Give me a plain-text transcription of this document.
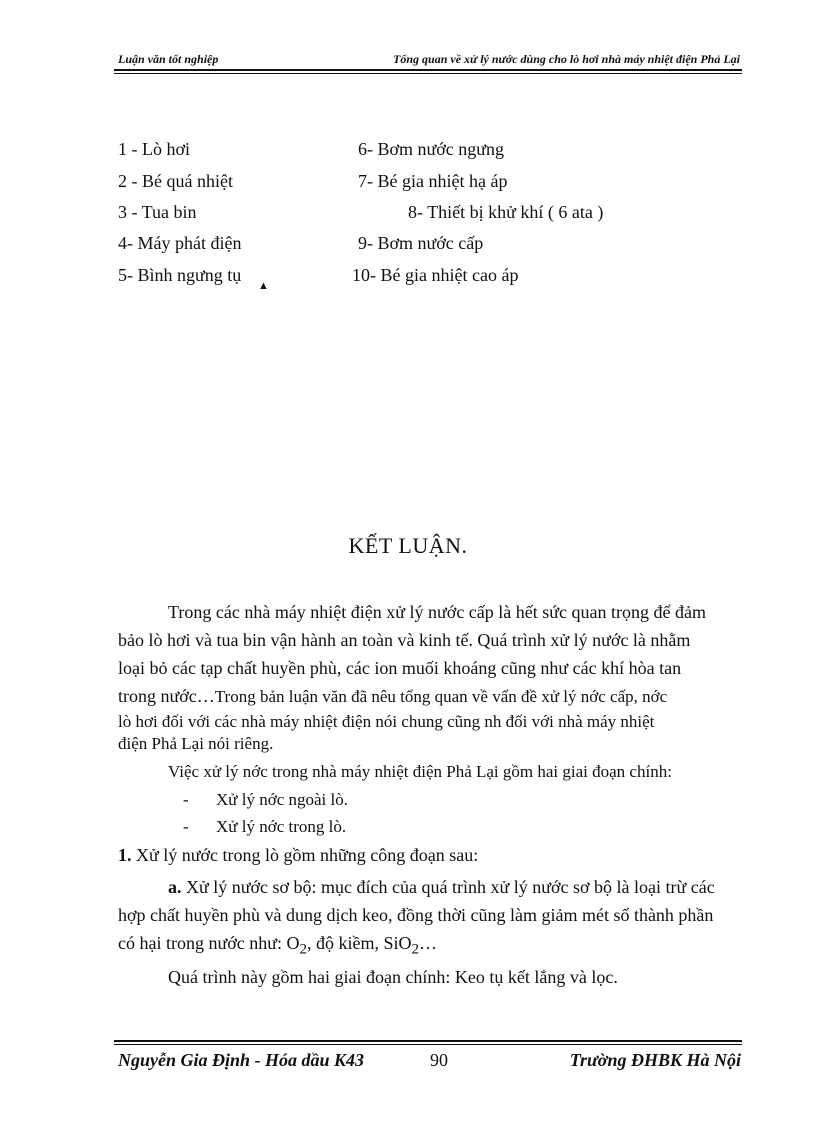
Luận văn tốt nghiệp	Tổng quan về xử lý nước dùng cho lò hơi nhà máy nhiệt điện Phả Lại
1 - Lò hơi
2 - Bé quá nhiệt
3 - Tua bin
4- Máy phát điện
5- Bình ngưng tụ
6- Bơm nước ngưng
7- Bé gia nhiệt hạ áp
8- Thiết bị khử khí ( 6 ata )
9- Bơm nước cấp
10- Bé gia nhiệt cao áp
▲
KẾT LUẬN.
Trong các nhà máy nhiệt điện xử lý nước cấp là hết sức quan trọng để đảm
bảo lò hơi và tua bin vận hành an toàn và kinh tế. Quá trình xử lý nước là nhằm
loại bỏ các tạp chất huyền phù, các ion muối khoáng cũng như các khí hòa tan
trong nước…Trong bản luận văn đã nêu tổng quan về vấn đề xử lý nớc cấp, nớc
lò hơi đối với các nhà máy nhiệt điện nói chung cũng nh đối với nhà máy nhiệt
điện Phả Lại nói riêng.
Việc xử lý nớc trong nhà máy nhiệt điện Phả Lại gồm hai giai đoạn chính:
- Xử lý nớc ngoài lò.
- Xử lý nớc trong lò.
1. Xử lý nước trong lò gồm những công đoạn sau:
a. Xử lý nước sơ bộ: mục đích của quá trình xử lý nước sơ bộ là loại trừ các
hợp chất huyền phù và dung dịch keo, đồng thời cũng làm giảm mét số thành phần
có hại trong nước như: $O_2$, độ kiềm, SiO$_2$…
Quá trình này gồm hai giai đoạn chính: Keo tụ kết lắng và lọc.
Nguyễn Gia Định - Hóa dầu K43	90	Trường ĐHBK Hà Nội
